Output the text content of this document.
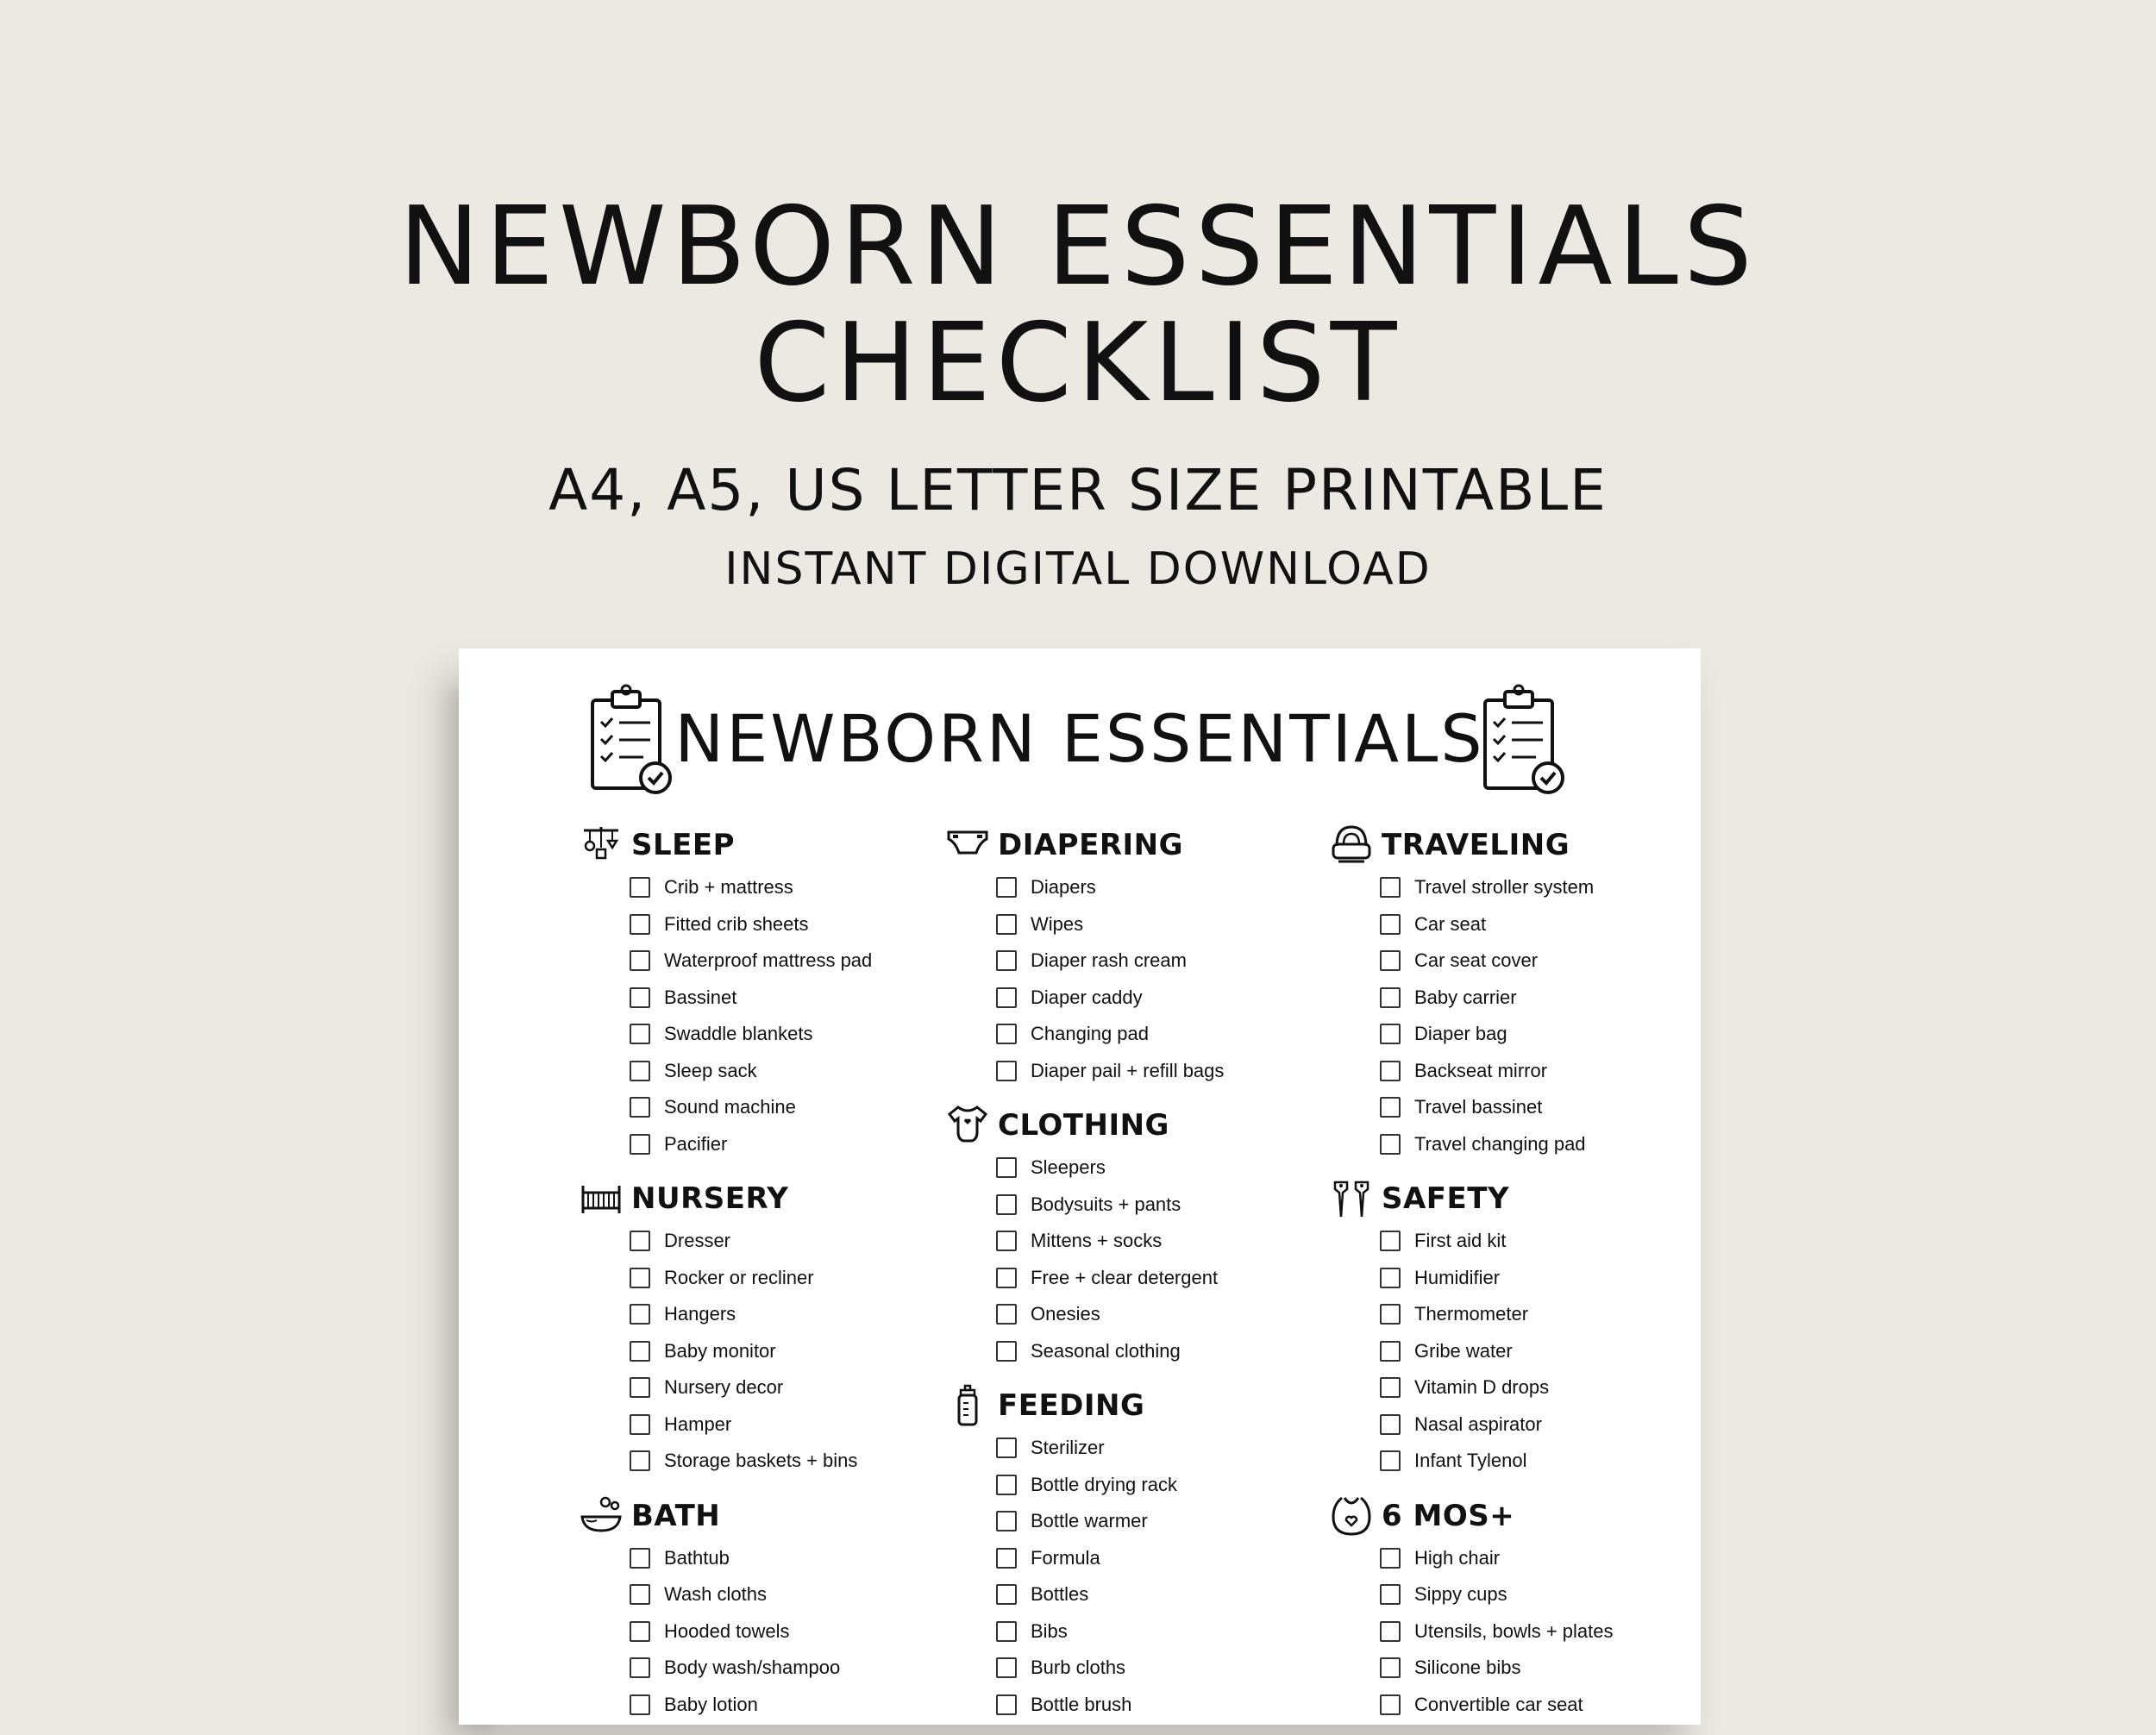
NEWBORN ESSENTIALS
CHECKLIST
A4, A5, US LETTER SIZE PRINTABLE
INSTANT DIGITAL DOWNLOAD
NEWBORN ESSENTIALS
SLEEP
Crib + mattress
Fitted crib sheets
Waterproof mattress pad
Bassinet
Swaddle blankets
Sleep sack
Sound machine
Pacifier
NURSERY
Dresser
Rocker or recliner
Hangers
Baby monitor
Nursery decor
Hamper
Storage baskets + bins
BATH
Bathtub
Wash cloths
Hooded towels
Body wash/shampoo
Baby lotion
DIAPERING
Diapers
Wipes
Diaper rash cream
Diaper caddy
Changing pad
Diaper pail + refill bags
CLOTHING
Sleepers
Bodysuits + pants
Mittens + socks
Free + clear detergent
Onesies
Seasonal clothing
FEEDING
Sterilizer
Bottle drying rack
Bottle warmer
Formula
Bottles
Bibs
Burb cloths
Bottle brush
TRAVELING
Travel stroller system
Car seat
Car seat cover
Baby carrier
Diaper bag
Backseat mirror
Travel bassinet
Travel changing pad
SAFETY
First aid kit
Humidifier
Thermometer
Gribe water
Vitamin D drops
Nasal aspirator
Infant Tylenol
6 MOS+
High chair
Sippy cups
Utensils, bowls + plates
Silicone bibs
Convertible car seat
